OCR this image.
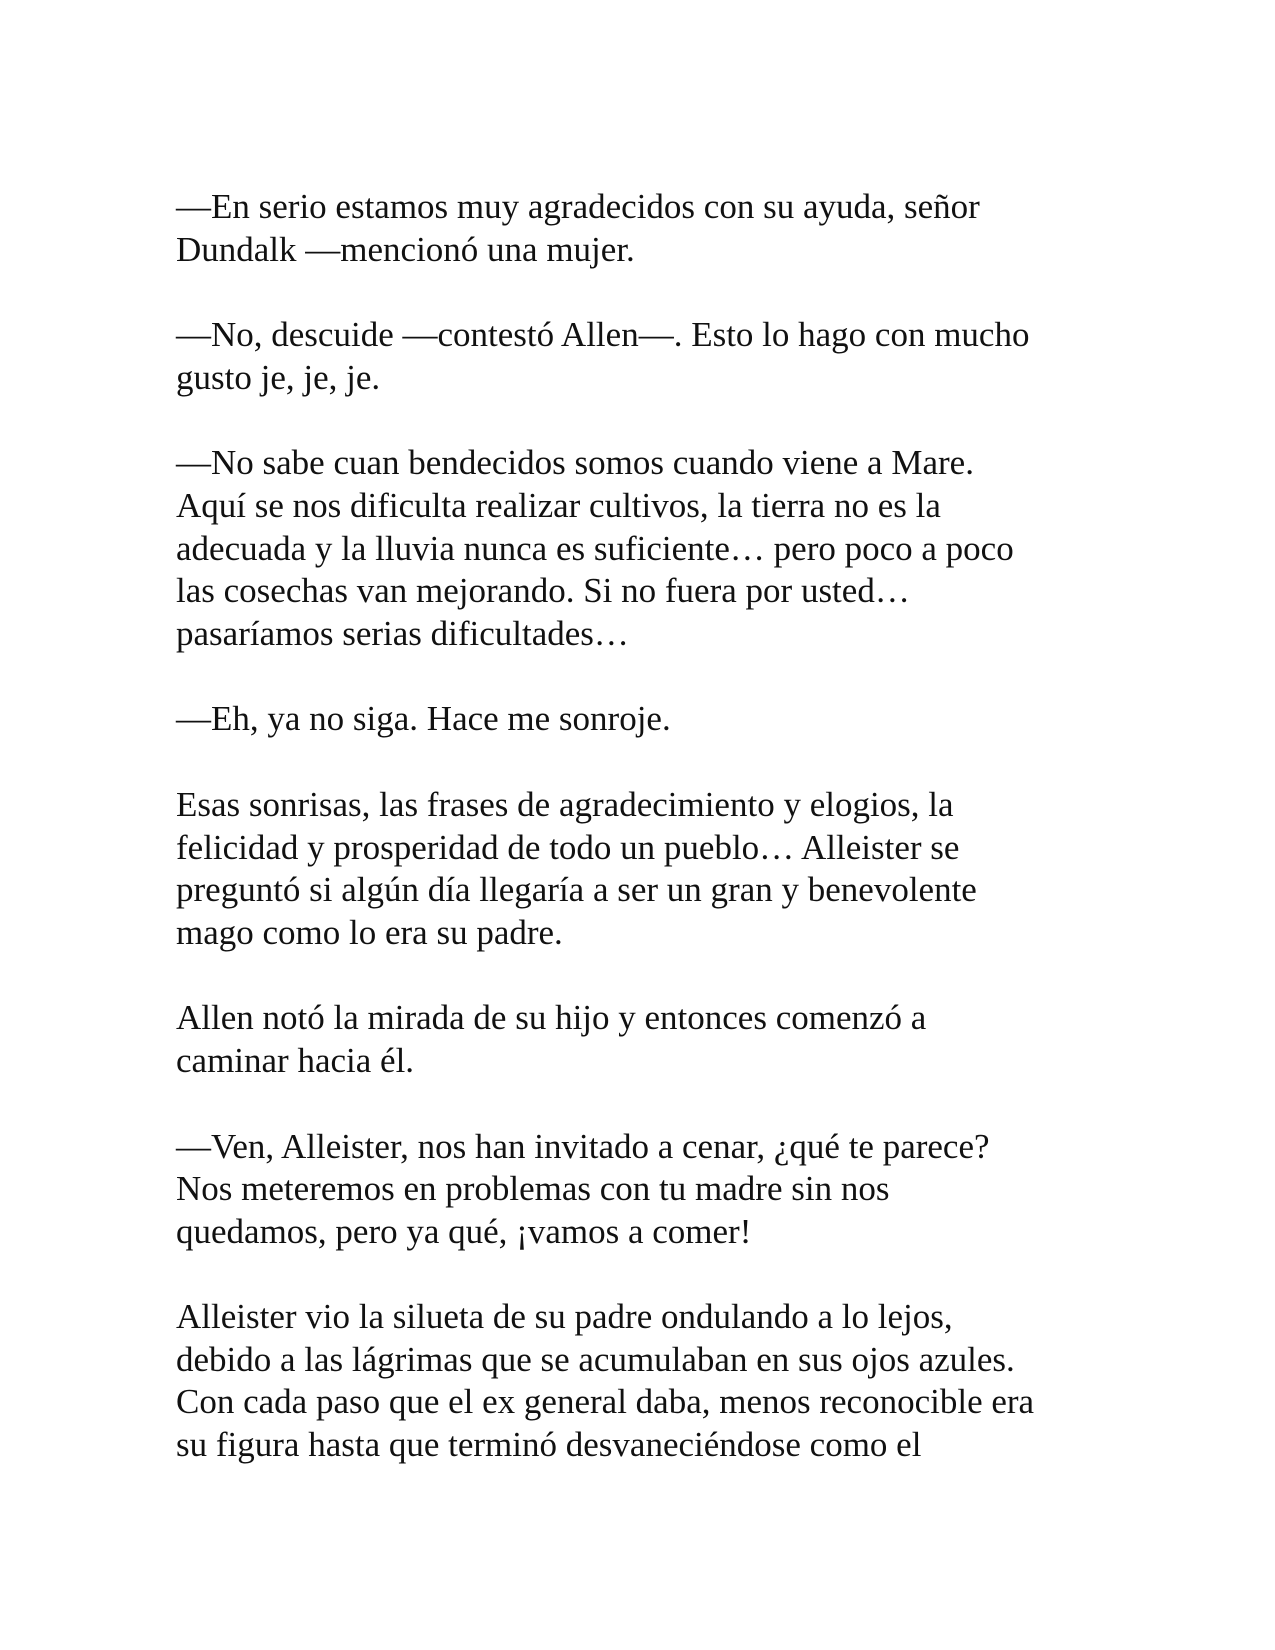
—En serio estamos muy agradecidos con su ayuda, señor
Dundalk —mencionó una mujer.

—No, descuide —contestó Allen—. Esto lo hago con mucho
gusto je, je, je.

—No sabe cuan bendecidos somos cuando viene a Mare.
Aquí se nos dificulta realizar cultivos, la tierra no es la
adecuada y la lluvia nunca es suficiente… pero poco a poco
las cosechas van mejorando. Si no fuera por usted…
pasaríamos serias dificultades…

—Eh, ya no siga. Hace me sonroje.

Esas sonrisas, las frases de agradecimiento y elogios, la
felicidad y prosperidad de todo un pueblo… Alleister se
preguntó si algún día llegaría a ser un gran y benevolente
mago como lo era su padre.

Allen notó la mirada de su hijo y entonces comenzó a
caminar hacia él.

—Ven, Alleister, nos han invitado a cenar, ¿qué te parece?
Nos meteremos en problemas con tu madre sin nos
quedamos, pero ya qué, ¡vamos a comer!

Alleister vio la silueta de su padre ondulando a lo lejos,
debido a las lágrimas que se acumulaban en sus ojos azules.
Con cada paso que el ex general daba, menos reconocible era
su figura hasta que terminó desvaneciéndose como el
